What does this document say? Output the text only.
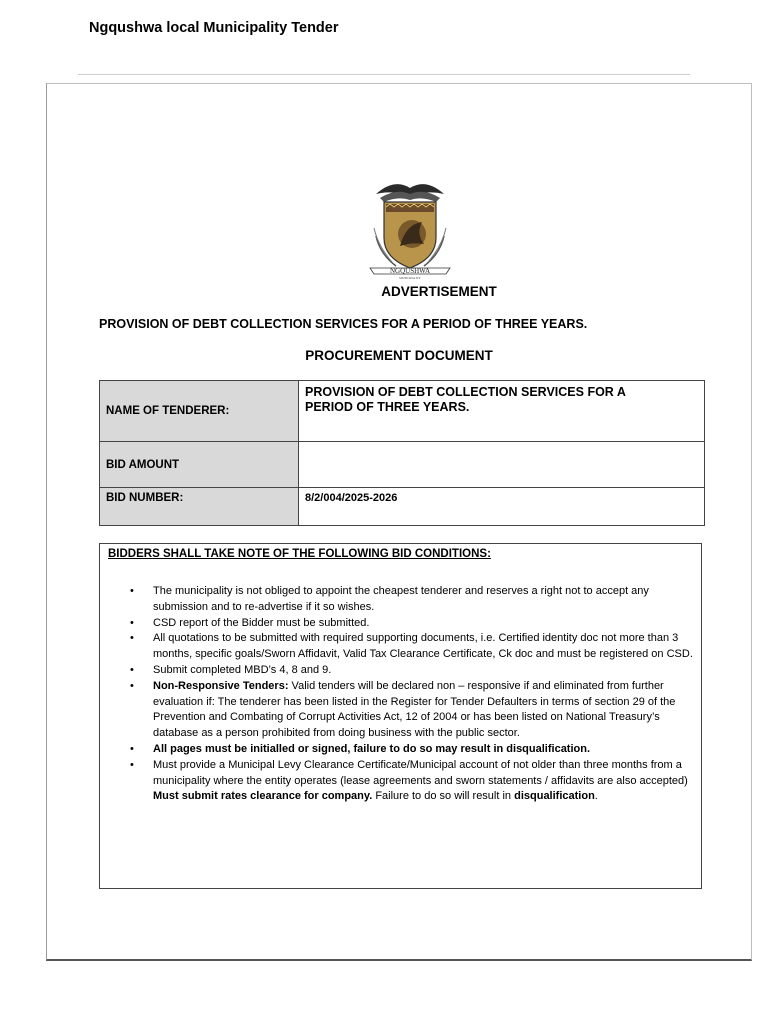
Ngqushwa local Municipality Tender
NGQUSHWA
MUNICIPALITY
ADVERTISEMENT
PROVISION OF DEBT COLLECTION SERVICES FOR A PERIOD OF THREE YEARS.
PROCUREMENT DOCUMENT
NAME OF TENDERER:	PROVISION OF DEBT COLLECTION SERVICES FOR A
PERIOD OF THREE YEARS.

BID AMOUNT	
BID NUMBER:	8/2/004/2025-2026
BIDDERS SHALL TAKE NOTE OF THE FOLLOWING BID CONDITIONS:
• The municipality is not obliged to appoint the cheapest tenderer and reserves a right not to accept any submission and to re-advertise if it so wishes.
• CSD report of the Bidder must be submitted.
• All quotations to be submitted with required supporting documents, i.e. Certified identity doc not more than 3 months, specific goals/Sworn Affidavit, Valid Tax Clearance Certificate, Ck doc and must be registered on CSD.
• Submit completed MBD’s 4, 8 and 9.
• Non-Responsive Tenders: Valid tenders will be declared non – responsive if and eliminated from further evaluation if: The tenderer has been listed in the Register for Tender Defaulters in terms of section 29 of the Prevention and Combating of Corrupt Activities Act, 12 of 2004 or has been listed on National Treasury’s database as a person prohibited from doing business with the public sector.
• All pages must be initialled or signed, failure to do so may result in disqualification.
• Must provide a Municipal Levy Clearance Certificate/Municipal account of not older than three months from a municipality where the entity operates (lease agreements and sworn statements / affidavits are also accepted) Must submit rates clearance for company. Failure to do so will result in disqualification.
